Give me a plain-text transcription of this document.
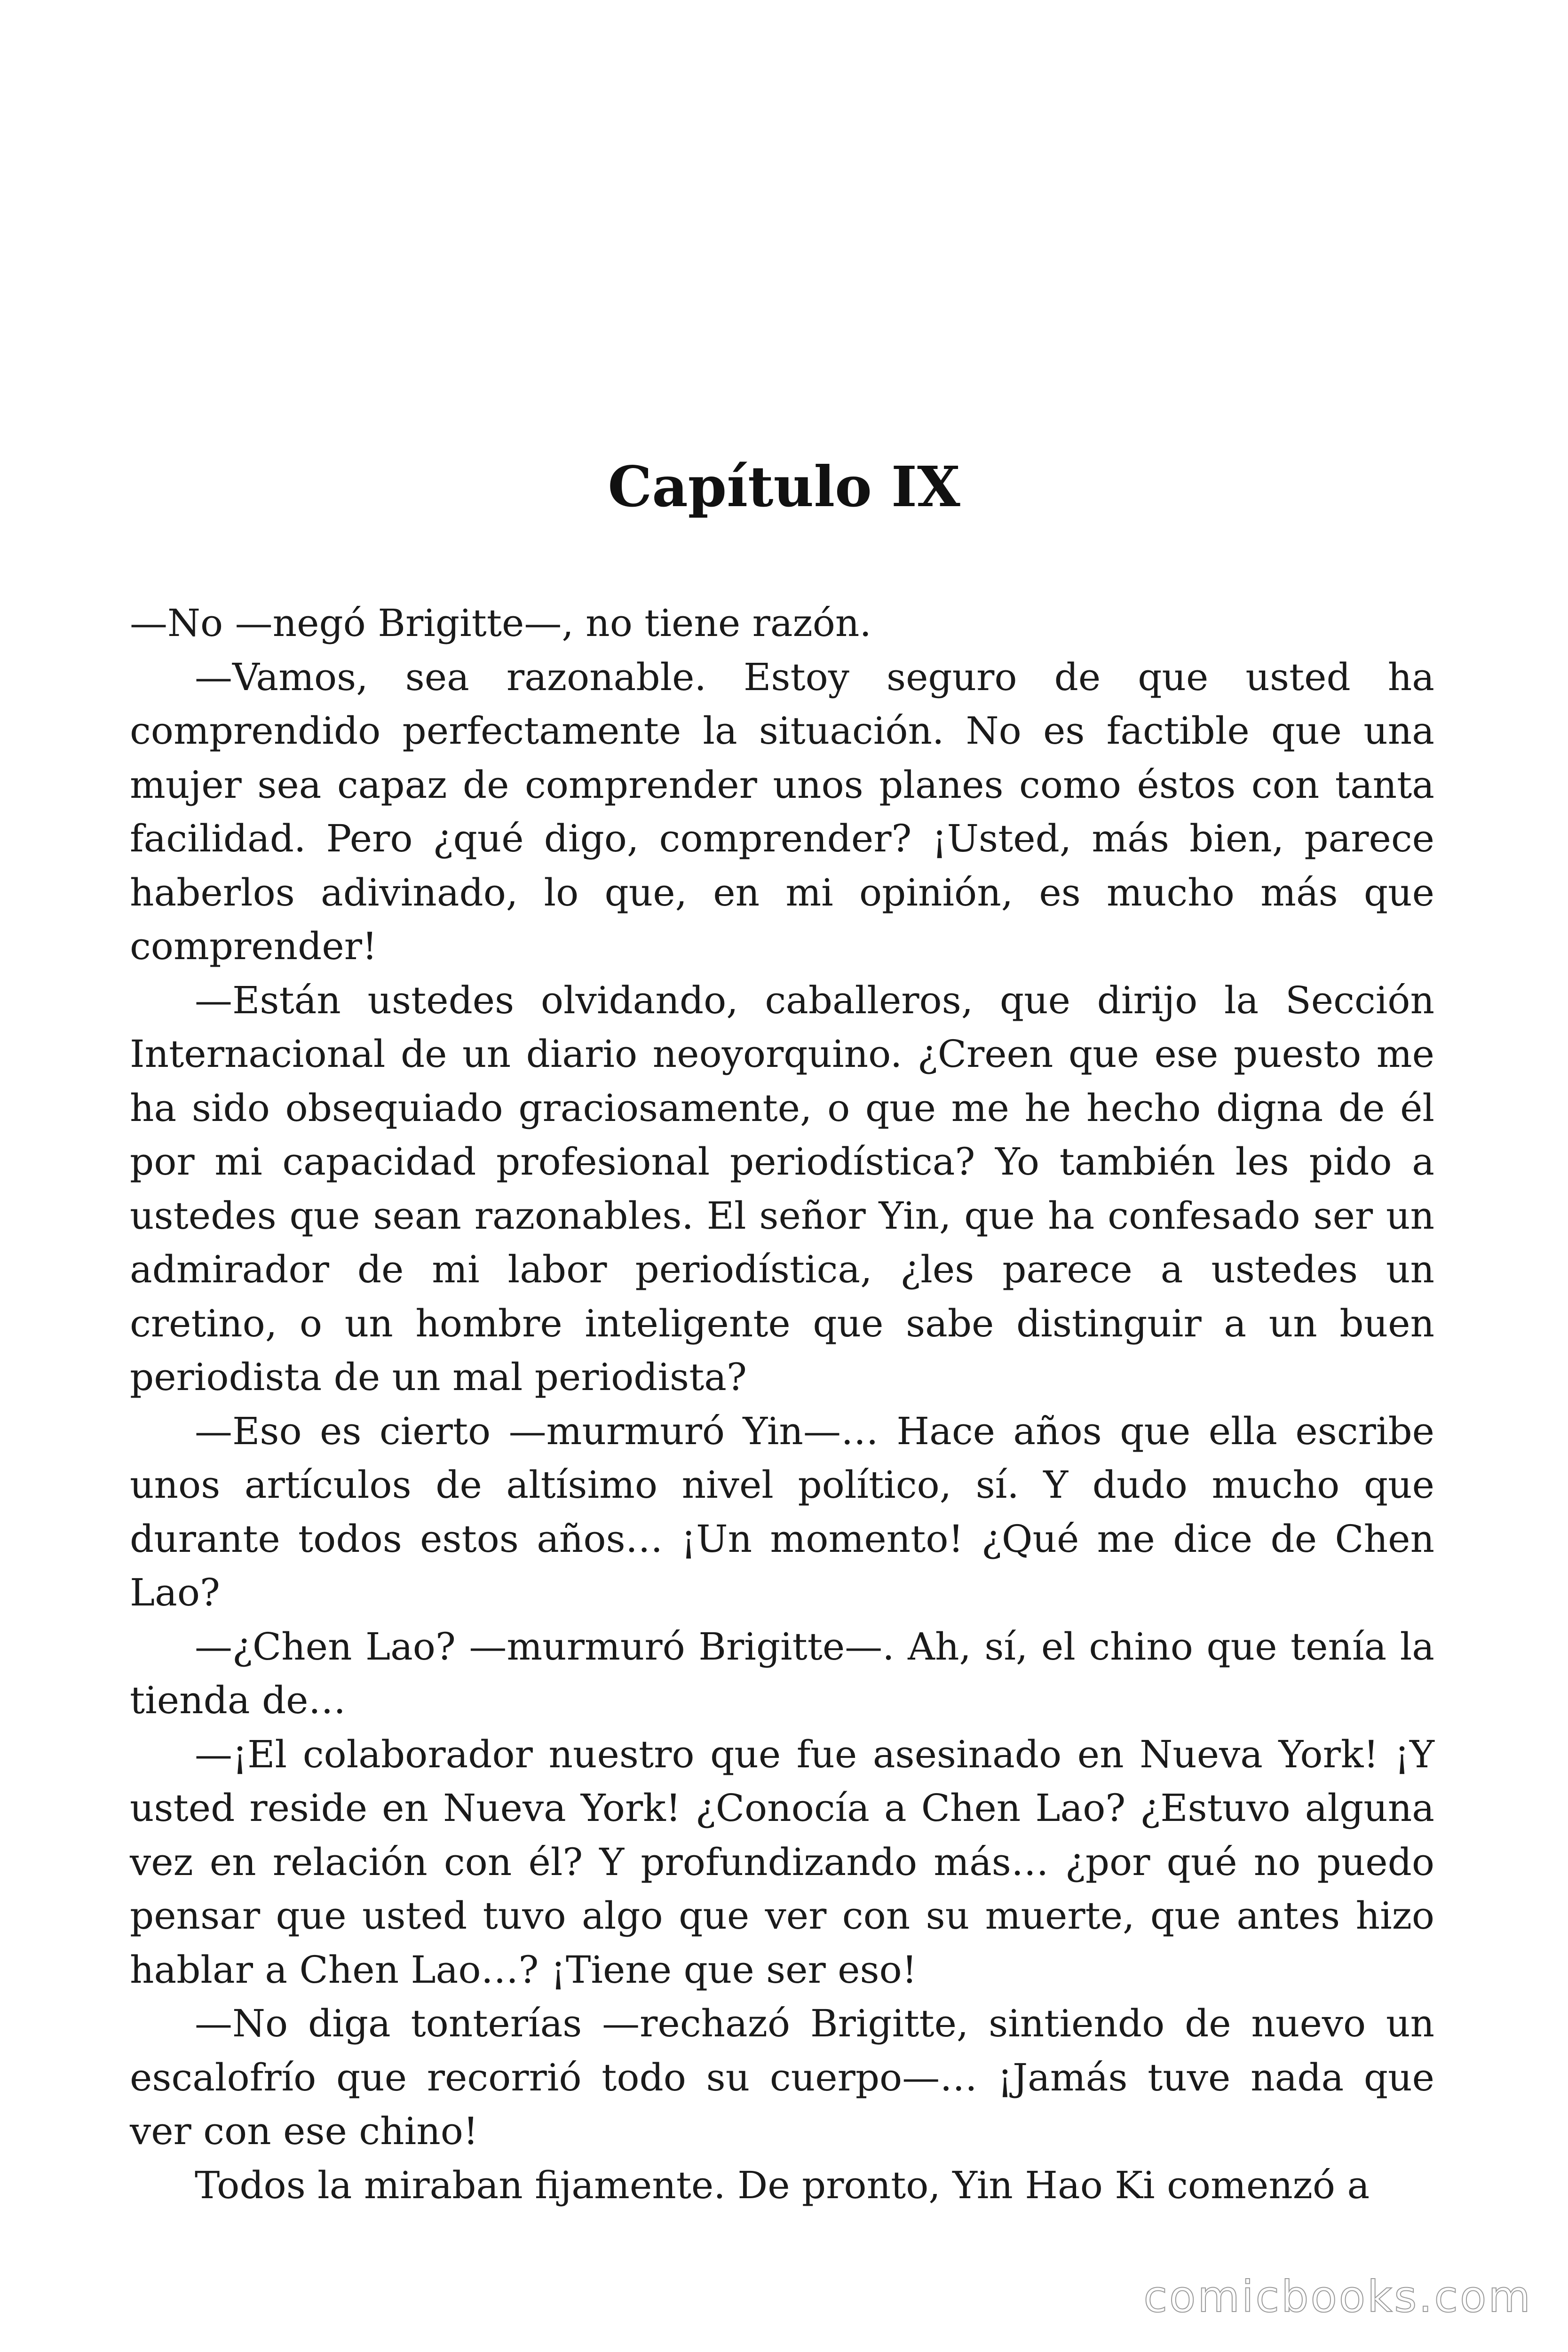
Capítulo IX

—No —negó Brigitte—, no tiene razón.

—Vamos, sea razonable. Estoy seguro de que usted ha comprendido perfectamente la situación. No es factible que una mujer sea capaz de comprender unos planes como éstos con tanta facilidad. Pero ¿qué digo, comprender? ¡Usted, más bien, parece haberlos adivinado, lo que, en mi opinión, es mucho más que comprender!

—Están ustedes olvidando, caballeros, que dirijo la Sección Internacional de un diario neoyorquino. ¿Creen que ese puesto me ha sido obsequiado graciosamente, o que me he hecho digna de él por mi capacidad profesional periodística? Yo también les pido a ustedes que sean razonables. El señor Yin, que ha confesado ser un admirador de mi labor periodística, ¿les parece a ustedes un cretino, o un hombre inteligente que sabe distinguir a un buen periodista de un mal periodista?

—Eso es cierto —murmuró Yin—… Hace años que ella escribe unos artículos de altísimo nivel político, sí. Y dudo mucho que durante todos estos años… ¡Un momento! ¿Qué me dice de Chen Lao?

—¿Chen Lao? —murmuró Brigitte—. Ah, sí, el chino que tenía la tienda de…

—¡El colaborador nuestro que fue asesinado en Nueva York! ¡Y usted reside en Nueva York! ¿Conocía a Chen Lao? ¿Estuvo alguna vez en relación con él? Y profundizando más… ¿por qué no puedo pensar que usted tuvo algo que ver con su muerte, que antes hizo hablar a Chen Lao…? ¡Tiene que ser eso!

—No diga tonterías —rechazó Brigitte, sintiendo de nuevo un escalofrío que recorrió todo su cuerpo—… ¡Jamás tuve nada que ver con ese chino!

Todos la miraban fijamente. De pronto, Yin Hao Ki comenzó a

comicbooks.com
